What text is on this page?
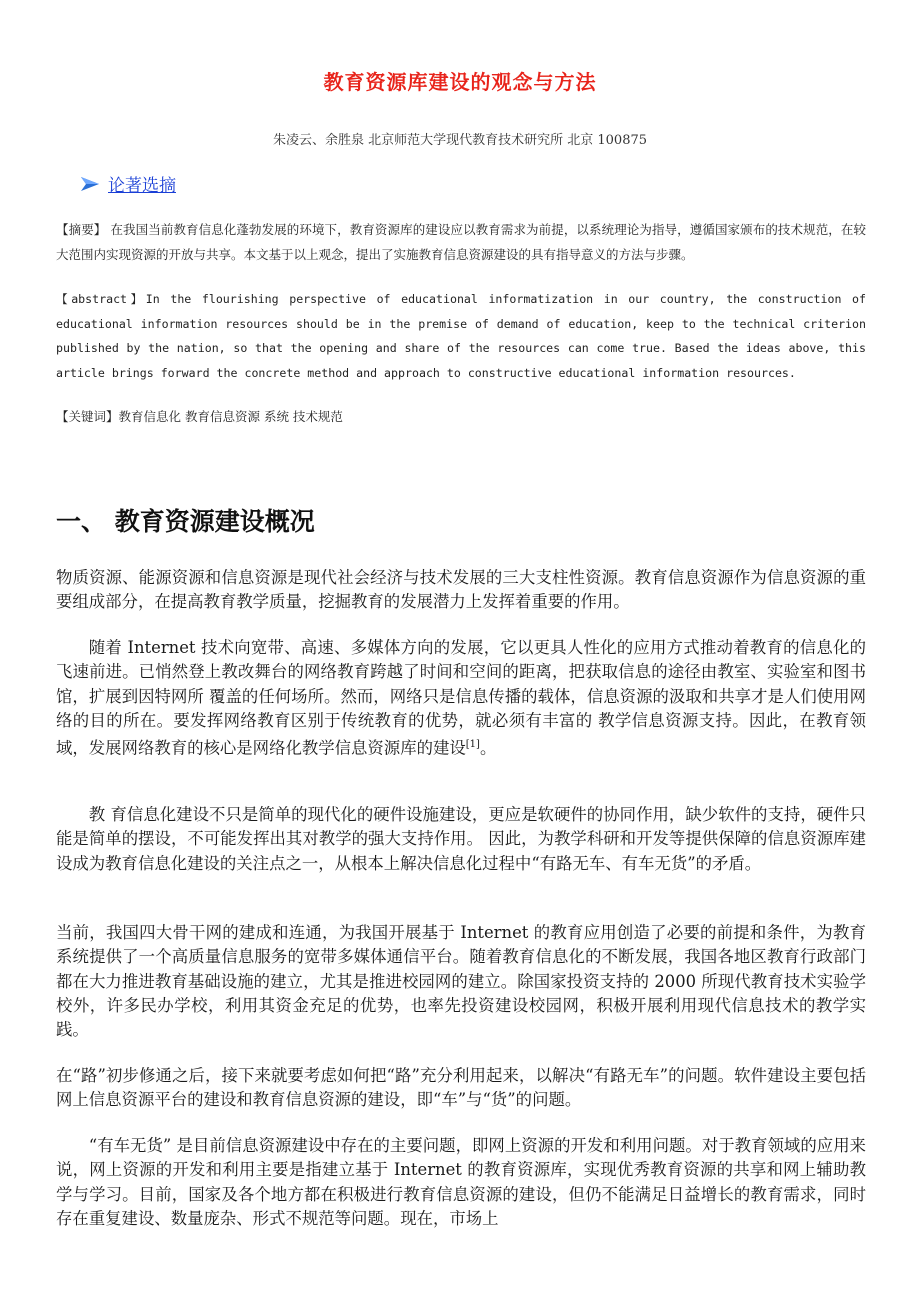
教育资源库建设的观念与方法
朱凌云、余胜泉 北京师范大学现代教育技术研究所 北京 100875
论著选摘
【摘要】 在我国当前教育信息化蓬勃发展的环境下，教育资源库的建设应以教育需求为前提，以系统理论为指导，遵循国家颁布的技术规范，在较大范围内实现资源的开放与共享。本文基于以上观念，提出了实施教育信息资源建设的具有指导意义的方法与步骤。
【abstract】In the flourishing perspective of educational informatization in our country, the construction of educational information resources should be in the premise of demand of education, keep to the technical criterion published by the nation, so that the opening and share of the resources can come true. Based the ideas above, this article brings forward the concrete method and approach to constructive educational information resources.
【关键词】教育信息化 教育信息资源 系统 技术规范
一、 教育资源建设概况
物质资源、能源资源和信息资源是现代社会经济与技术发展的三大支柱性资源。教育信息资源作为信息资源的重要组成部分，在提高教育教学质量，挖掘教育的发展潜力上发挥着重要的作用。
随着 Internet 技术向宽带、高速、多媒体方向的发展，它以更具人性化的应用方式推动着教育的信息化的飞速前进。已悄然登上教改舞台的网络教育跨越了时间和空间的距离，把获取信息的途径由教室、实验室和图书馆，扩展到因特网所 覆盖的任何场所。然而，网络只是信息传播的载体，信息资源的汲取和共享才是人们使用网络的目的所在。要发挥网络教育区别于传统教育的优势，就必须有丰富的 教学信息资源支持。因此，在教育领域，发展网络教育的核心是网络化教学信息资源库的建设[1]。
教 育信息化建设不只是简单的现代化的硬件设施建设，更应是软硬件的协同作用，缺少软件的支持，硬件只能是简单的摆设，不可能发挥出其对教学的强大支持作用。 因此，为教学科研和开发等提供保障的信息资源库建设成为教育信息化建设的关注点之一，从根本上解决信息化过程中“有路无车、有车无货”的矛盾。
当前，我国四大骨干网的建成和连通，为我国开展基于 Internet 的教育应用创造了必要的前提和条件，为教育系统提供了一个高质量信息服务的宽带多媒体通信平台。随着教育信息化的不断发展，我国各地区教育行政部门都在大力推进教育基础设施的建立，尤其是推进校园网的建立。除国家投资支持的 2000 所现代教育技术实验学校外，许多民办学校，利用其资金充足的优势，也率先投资建设校园网，积极开展利用现代信息技术的教学实践。
在“路”初步修通之后，接下来就要考虑如何把“路”充分利用起来，以解决“有路无车”的问题。软件建设主要包括网上信息资源平台的建设和教育信息资源的建设，即“车”与“货”的问题。
“有车无货” 是目前信息资源建设中存在的主要问题，即网上资源的开发和利用问题。对于教育领域的应用来说，网上资源的开发和利用主要是指建立基于 Internet 的教育资源库，实现优秀教育资源的共享和网上辅助教学与学习。目前，国家及各个地方都在积极进行教育信息资源的建设，但仍不能满足日益增长的教育需求，同时存在重复建设、数量庞杂、形式不规范等问题。现在，市场上
